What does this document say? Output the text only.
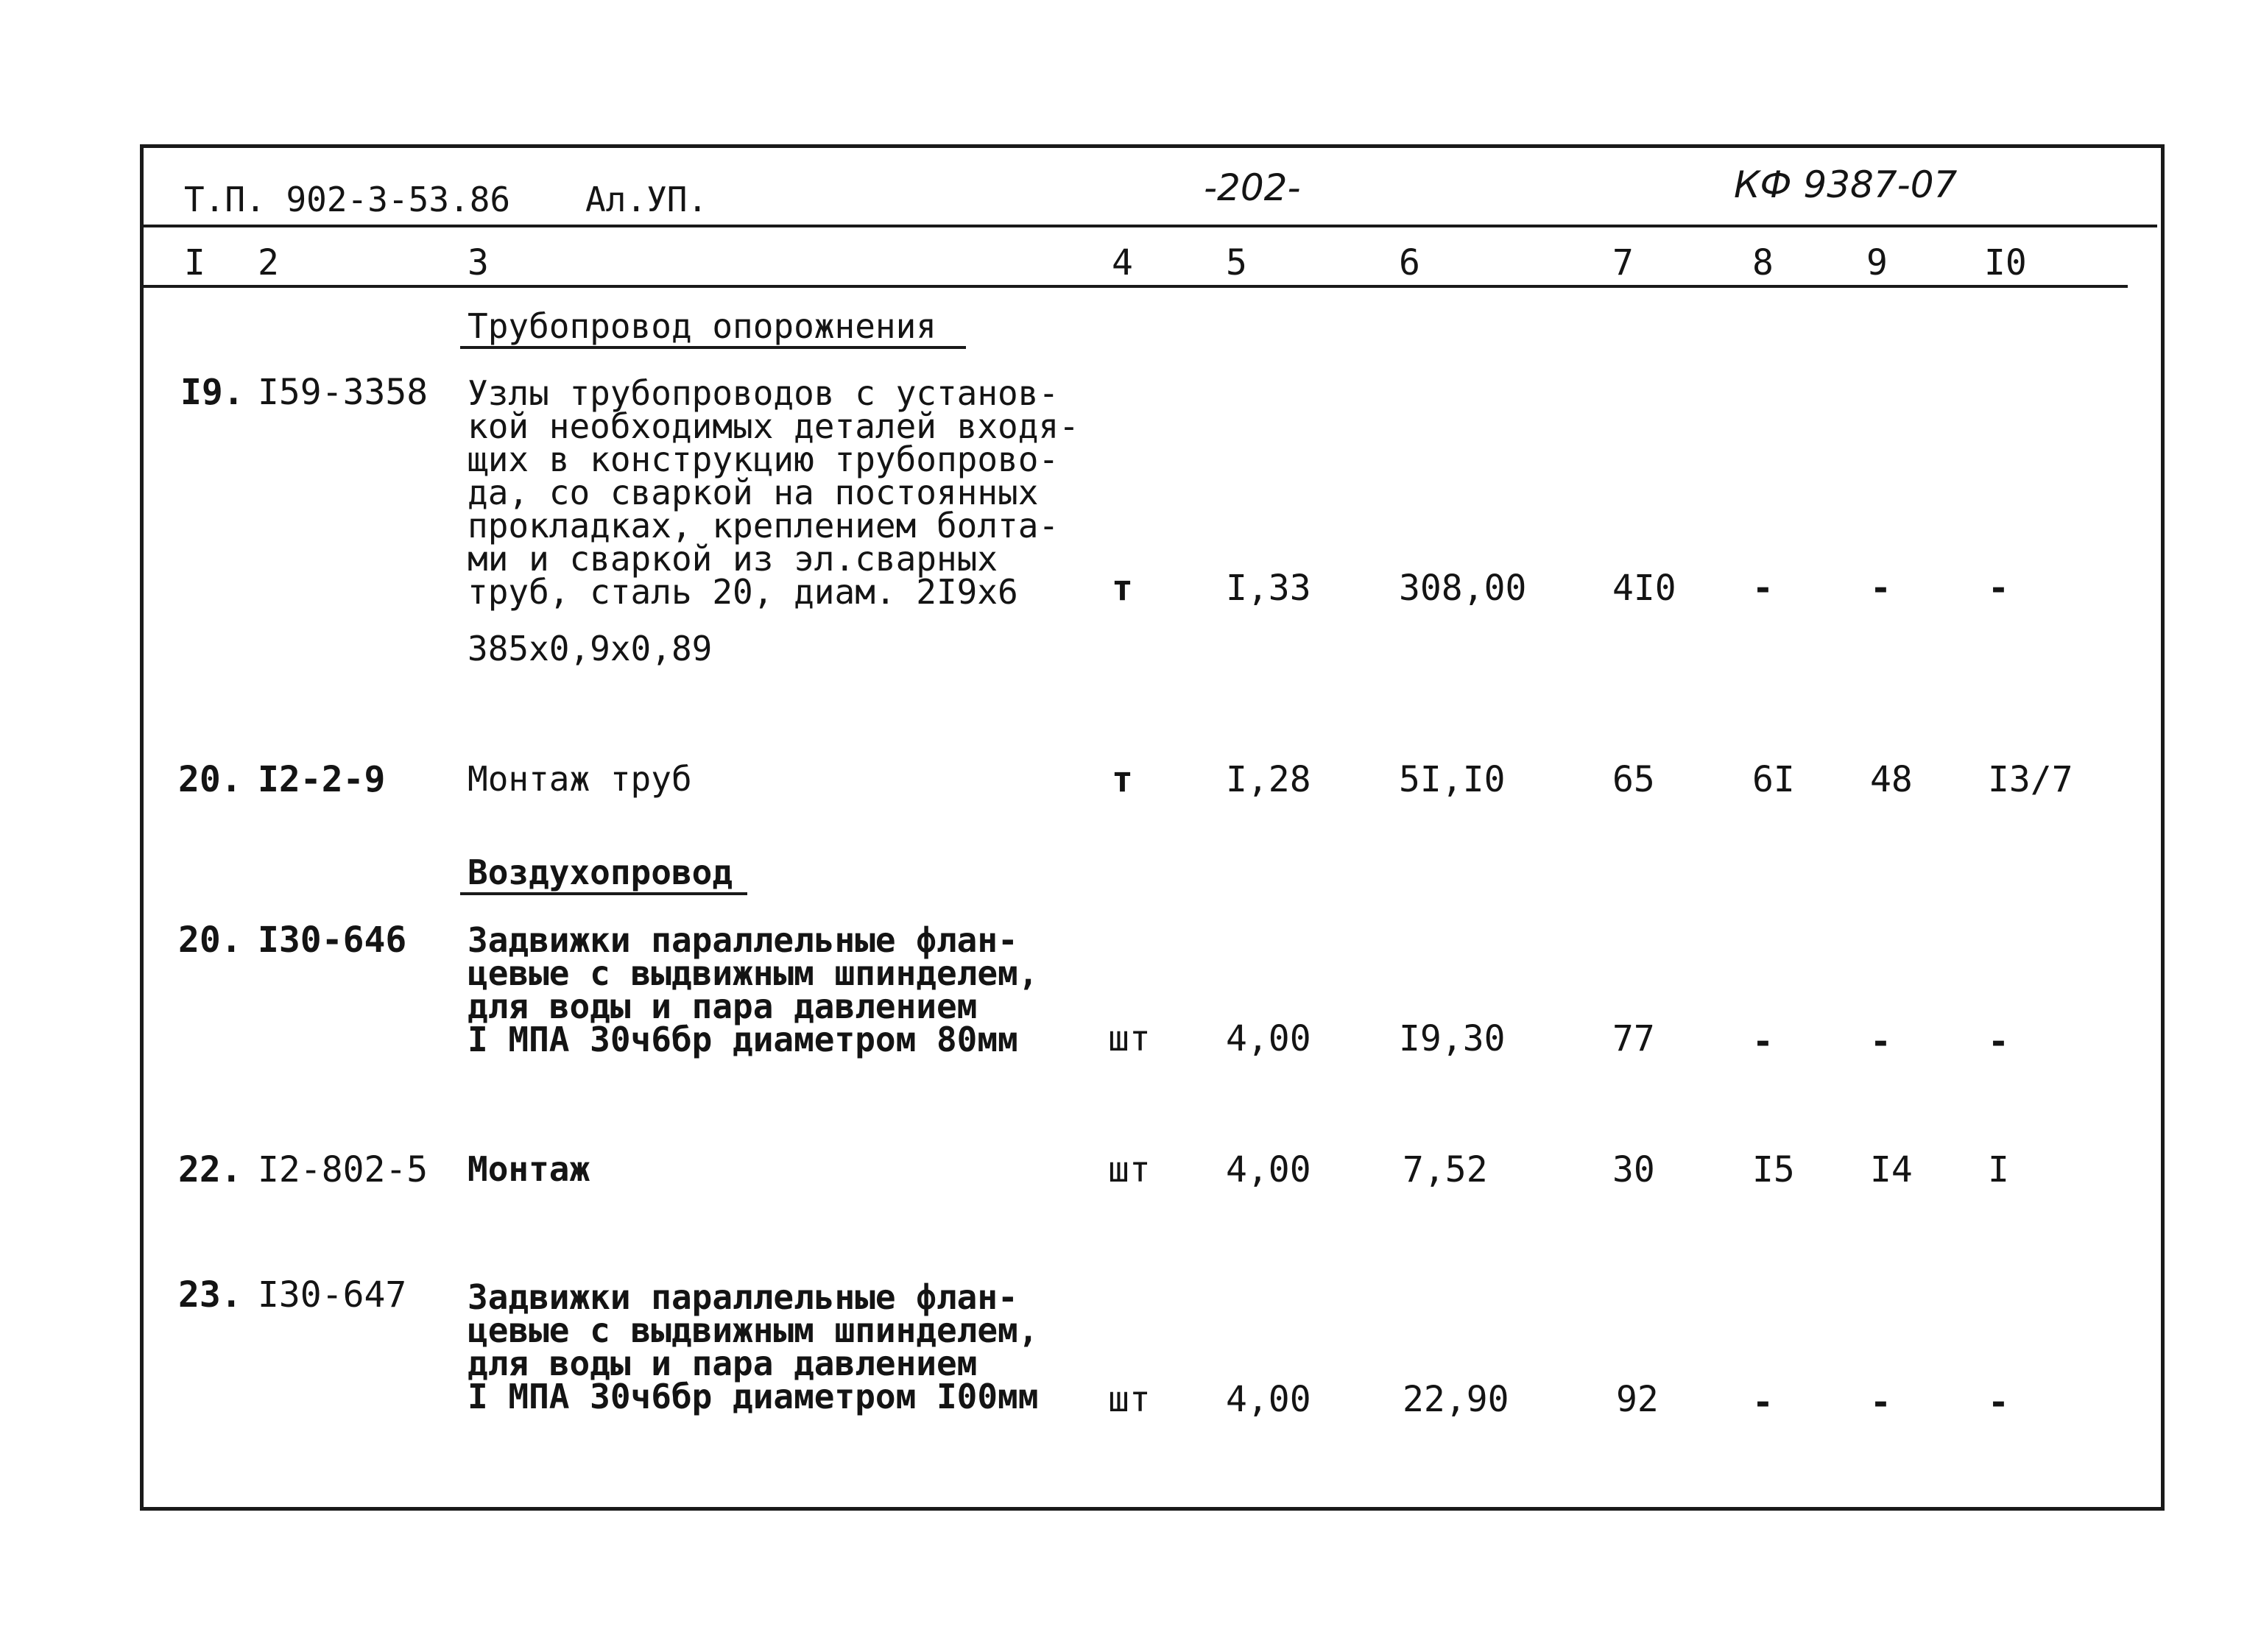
Т.П. 902-3-53.86 Ал.УП.	-202-	КФ 9387-07
I 2	3	4	5	6	7	8	9	I0
Трубопровод опорожнения
I9. I59-3358 Узлы трубопроводов с установ-
кой необходимых деталей входя-
щих в конструкцию трубопрово-
да, со сваркой на постоянных
прокладках, креплением болта-
ми и сваркой из эл.сварных
труб, сталь 20, диам. 2I9x6
385x0,9x0,89
т	I,33 308,00 4I0 -	-	-
20. I2-2-9 Монтаж труб	т	I,28 5I,I0	65	6I 48 I3/7
Воздухопровод
20. I30-646 Задвижки параллельные флан-
цевые с выдвижным шпинделем,
для воды и пара давлением
I МПА 30ч6бр диаметром 80мм	шт 4,00 I9,30	77	-	-	-
22. I2-802-5 Монтаж	шт 4,00	7,52	30	I5 I4 I
23. I30-647 Задвижки параллельные флан-
цевые с выдвижным шпинделем,
для воды и пара давлением
I МПА 30ч6бр диаметром I00мм шт 4,00	22,90	92	-	-	-
